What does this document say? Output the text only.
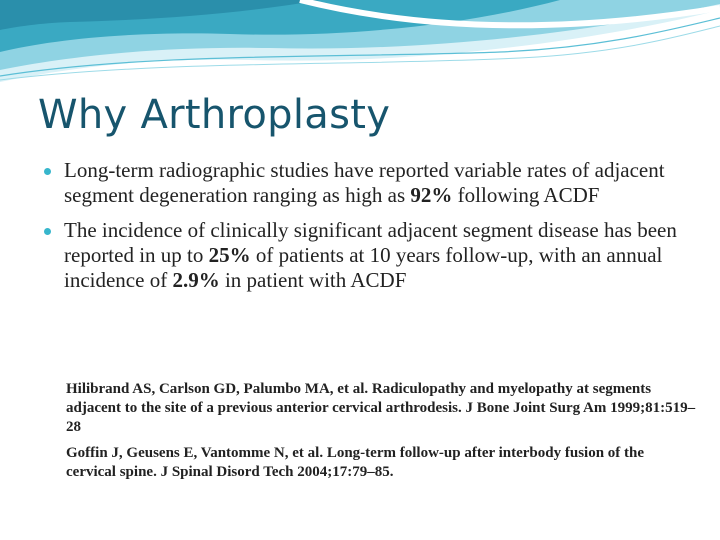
Why Arthroplasty
Long-term radiographic studies have reported variable rates of adjacent segment degeneration ranging as high as 92% following ACDF
The incidence of clinically significant adjacent segment disease has been reported in up to 25% of patients at 10 years follow-up, with an annual incidence of 2.9% in patient with ACDF

Hilibrand AS, Carlson GD, Palumbo MA, et al. Radiculopathy and myelopathy at segments adjacent to the site of a previous anterior cervical arthrodesis. J Bone Joint Surg Am 1999;81:519–28

Goffin J, Geusens E, Vantomme N, et al. Long-term follow-up after interbody fusion of the cervical spine. J Spinal Disord Tech 2004;17:79–85.
